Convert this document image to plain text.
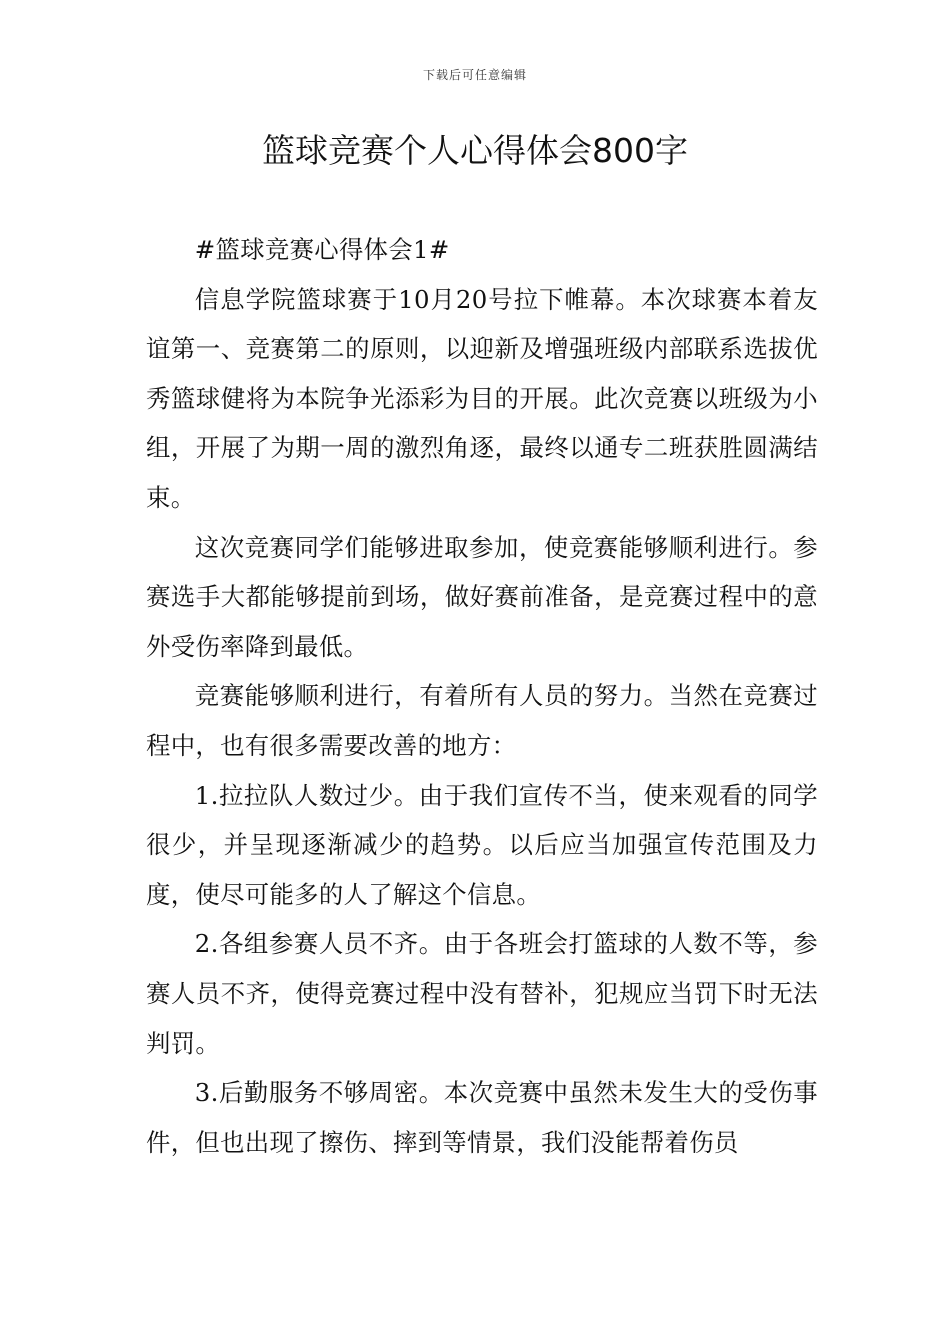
下载后可任意编辑
篮球竞赛个人心得体会800字

#篮球竞赛心得体会1#

信息学院篮球赛于10月20号拉下帷幕。本次球赛本着友谊第一、竞赛第二的原则，以迎新及增强班级内部联系选拔优秀篮球健将为本院争光添彩为目的开展。此次竞赛以班级为小组，开展了为期一周的激烈角逐，最终以通专二班获胜圆满结束。

这次竞赛同学们能够进取参加，使竞赛能够顺利进行。参赛选手大都能够提前到场，做好赛前准备，是竞赛过程中的意外受伤率降到最低。

竞赛能够顺利进行，有着所有人员的努力。当然在竞赛过程中，也有很多需要改善的地方：

1.拉拉队人数过少。由于我们宣传不当，使来观看的同学很少，并呈现逐渐减少的趋势。以后应当加强宣传范围及力度，使尽可能多的人了解这个信息。

2.各组参赛人员不齐。由于各班会打篮球的人数不等，参赛人员不齐，使得竞赛过程中没有替补，犯规应当罚下时无法判罚。

3.后勤服务不够周密。本次竞赛中虽然未发生大的受伤事件，但也出现了擦伤、摔到等情景，我们没能帮着伤员
